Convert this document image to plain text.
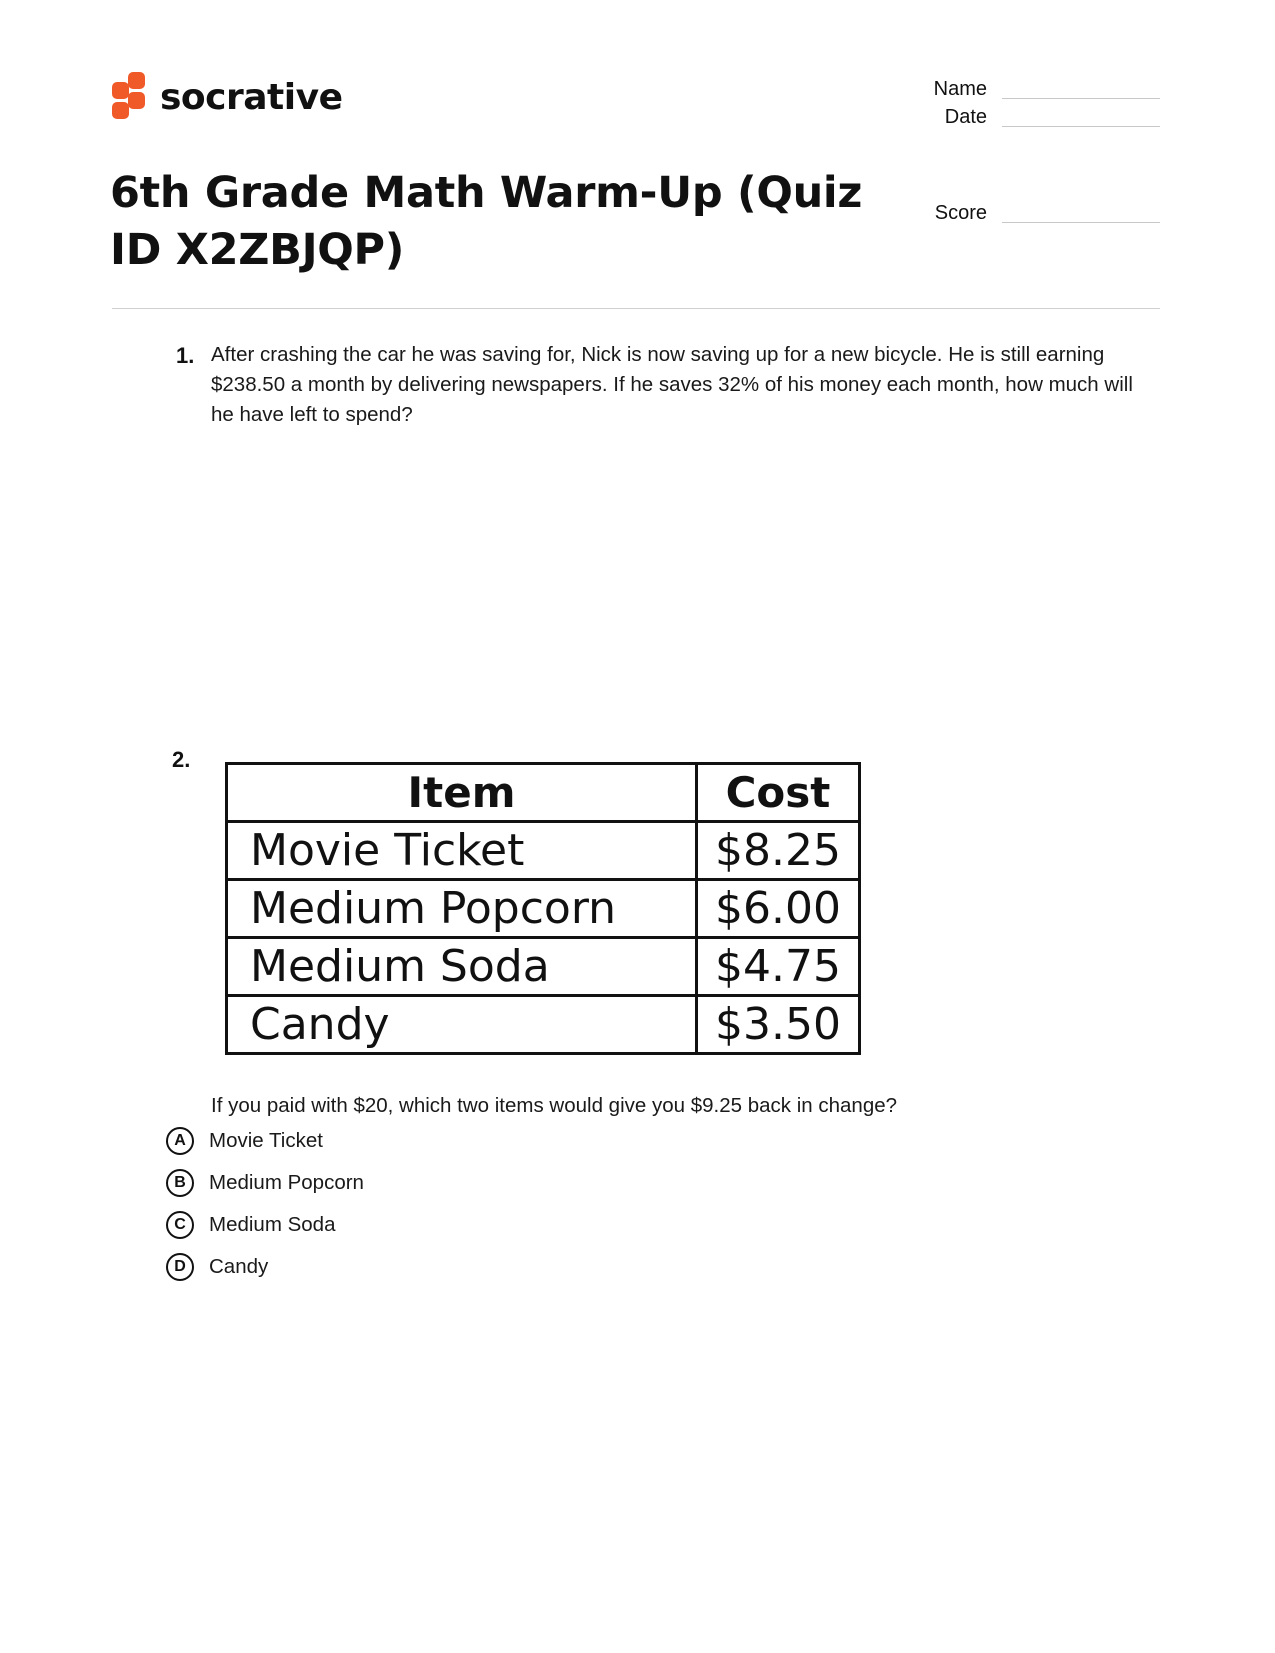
socrative	Name
Date
Score
6th Grade Math Warm-Up (Quiz ID X2ZBJQP)
1. After crashing the car he was saving for, Nick is now saving up for a new bicycle. He is still earning $238.50 a month by delivering newspapers. If he saves 32% of his money each month, how much will he have left to spend?
2.
Item	Cost
Movie Ticket	$8.25
Medium Popcorn	$6.00
Medium Soda	$4.75
Candy	$3.50
If you paid with $20, which two items would give you $9.25 back in change?
A	Movie Ticket
B	Medium Popcorn
C	Medium Soda
D	Candy
